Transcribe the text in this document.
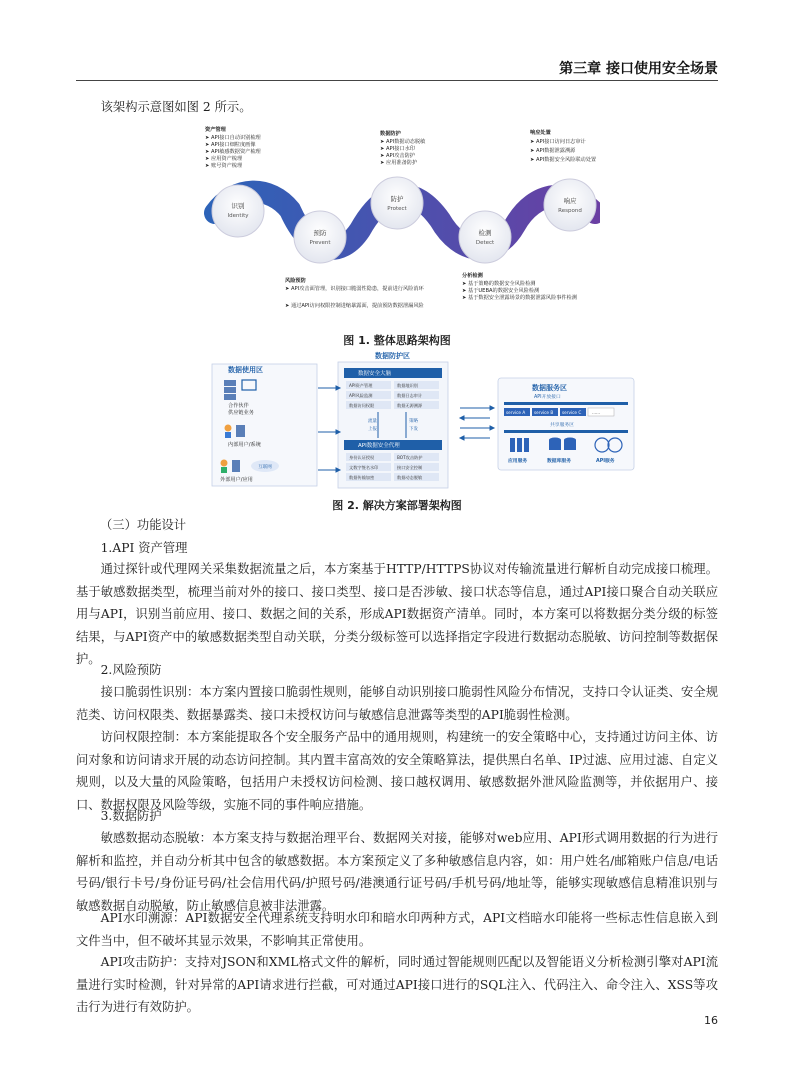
第三章 接口使用安全场景

该架构示意图如图 2 所示。

识别
Identity
预防
Prevent
防护
Protect
检测
Detect
响应
Respond
资产管理
➤ API接口自动识别梳理
➤ API接口细粒度画像
➤ API敏感数据资产梳理
➤ 应用资产梳理
➤ 账号资产梳理
数据防护
➤ API数据动态脱敏
➤ API接口水印
➤ API攻击防护
➤ 应用准备防护
响应处置
➤ API接口访问日志审计
➤ API数据泄露溯源
➤ API数据安全风险联动处置
风险预防
➤ API攻击面管理，识别接口脆弱性隐患，提前进行风险消环
➤ 通过API访问权限控制进缩暴露面，提前预防数据泄漏风险
分析检测
➤ 基于策略的数据安全风险检测
➤ 基于UEBA的数据安全风险检测
➤ 基于数据安全泄露场景的数据泄露风险事件检测
图 1. 整体思路架构图
数据使用区
合作伙伴
供应链业务
内部用户/系统
互联网
外部用户/应用
数据防护区
数据安全大脑
API资产管理	数据地识别
API风险监测	数据日志审计
数据访问权限	数据无源溯源
流量
上报
策略
下发
API数据安全代理
身份认证授权	BOT攻击防护
文数字签名水印	接口安全控制
数据传输加密	数据动态脱敏
数据服务区
API开放接口
service A service B service C	......
共享服务区
应用服务	数据库服务	API服务
图 2. 解决方案部署架构图

（三）功能设计

1.API 资产管理

通过探针或代理网关采集数据流量之后，本方案基于HTTP/HTTPS协议对传输流量进行解析自动完成接口梳理。基于敏感数据类型，梳理当前对外的接口、接口类型、接口是否涉敏、接口状态等信息，通过API接口聚合自动关联应用与API，识别当前应用、接口、数据之间的关系，形成API数据资产清单。同时，本方案可以将数据分类分级的标签结果，与API资产中的敏感数据类型自动关联，分类分级标签可以选择指定字段进行数据动态脱敏、访问控制等数据保护。

2.风险预防

接口脆弱性识别：本方案内置接口脆弱性规则，能够自动识别接口脆弱性风险分布情况，支持口令认证类、安全规范类、访问权限类、数据暴露类、接口未授权访问与敏感信息泄露等类型的API脆弱性检测。

访问权限控制：本方案能提取各个安全服务产品中的通用规则，构建统一的安全策略中心，支持通过访问主体、访问对象和访问请求开展的动态访问控制。其内置丰富高效的安全策略算法，提供黑白名单、IP过滤、应用过滤、自定义规则，以及大量的风险策略，包括用户未授权访问检测、接口越权调用、敏感数据外泄风险监测等，并依据用户、接口、数据权限及风险等级，实施不同的事件响应措施。

3.数据防护

敏感数据动态脱敏：本方案支持与数据治理平台、数据网关对接，能够对web应用、API形式调用数据的行为进行解析和监控，并自动分析其中包含的敏感数据。本方案预定义了多种敏感信息内容，如：用户姓名/邮箱账户信息/电话号码/银行卡号/身份证号码/社会信用代码/护照号码/港澳通行证号码/手机号码/地址等，能够实现敏感信息精准识别与敏感数据自动脱敏，防止敏感信息被非法泄露。

API水印溯源：API数据安全代理系统支持明水印和暗水印两种方式，API文档暗水印能将一些标志性信息嵌入到文件当中，但不破坏其显示效果，不影响其正常使用。

API攻击防护：支持对JSON和XML格式文件的解析，同时通过智能规则匹配以及智能语义分析检测引擎对API流量进行实时检测，针对异常的API请求进行拦截，可对通过API接口进行的SQL注入、代码注入、命令注入、XSS等攻击行为进行有效防护。

16
